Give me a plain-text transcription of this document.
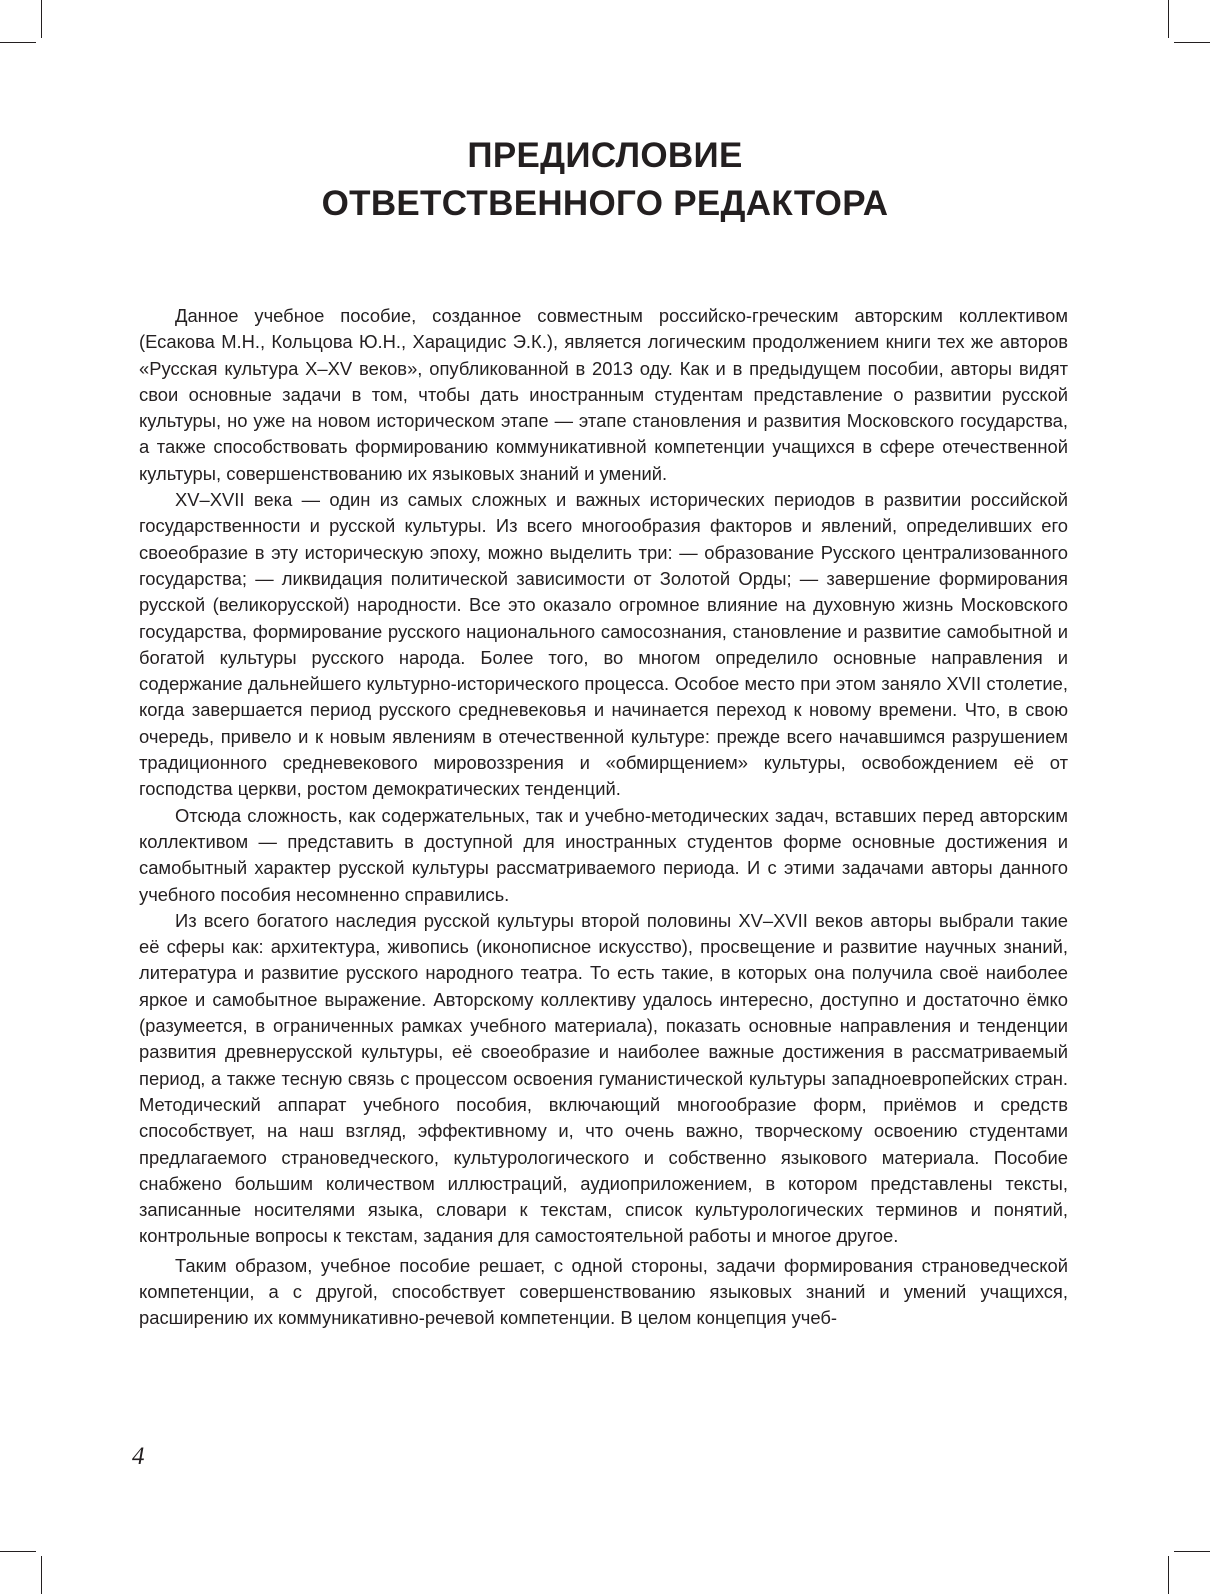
ПРЕДИСЛОВИЕ
ОТВЕТСТВЕННОГО РЕДАКТОРА

Данное учебное пособие, созданное совместным российско-греческим авторским коллективом (Есакова М.Н., Кольцова Ю.Н., Харацидис Э.К.), является логическим продолжением книги тех же авторов «Русская культура X–XV веков», опубликованной в 2013 оду. Как и в предыдущем пособии, авторы видят свои основные задачи в том, чтобы дать иностранным студентам представление о развитии русской культуры, но уже на новом историческом этапе — этапе становления и развития Московского государства, а также способствовать формированию коммуникативной компетенции учащихся в сфере отечественной культуры, совершенствованию их языковых знаний и умений.

XV–XVII века — один из самых сложных и важных исторических периодов в развитии российской государственности и русской культуры. Из всего многообразия факторов и явлений, определивших его своеобразие в эту историческую эпоху, можно выделить три: — образование Русского централизованного государства; — ликвидация политической зависимости от Золотой Орды; — завершение формирования русской (великорусской) народности. Все это оказало огромное влияние на духовную жизнь Московского государства, формирование русского национального самосознания, становление и развитие самобытной и богатой культуры русского народа. Более того, во многом определило основные направления и содержание дальнейшего культурно-исторического процесса. Особое место при этом заняло XVII столетие, когда завершается период русского средневековья и начинается переход к новому времени. Что, в свою очередь, привело и к новым явлениям в отечественной культуре: прежде всего начавшимся разрушением традиционного средневекового мировоззрения и «обмирщением» культуры, освобождением её от господства церкви, ростом демократических тенденций.

Отсюда сложность, как содержательных, так и учебно-методических задач, вставших перед авторским коллективом — представить в доступной для иностранных студентов форме основные достижения и самобытный характер русской культуры рассматриваемого периода. И с этими задачами авторы данного учебного пособия несомненно справились.

Из всего богатого наследия русской культуры второй половины XV–XVII веков авторы выбрали такие её сферы как: архитектура, живопись (иконописное искусство), просвещение и развитие научных знаний, литература и развитие русского народного театра. То есть такие, в которых она получила своё наиболее яркое и самобытное выражение. Авторскому коллективу удалось интересно, доступно и достаточно ёмко (разумеется, в ограниченных рамках учебного материала), показать основные направления и тенденции развития древнерусской культуры, её своеобразие и наиболее важные достижения в рассматриваемый период, а также тесную связь с процессом освоения гуманистической культуры западноевропейских стран. Методический аппарат учебного пособия, включающий многообразие форм, приёмов и средств способствует, на наш взгляд, эффективному и, что очень важно, творческому освоению студентами предлагаемого страноведческого, культурологического и собственно языкового материала. Пособие снабжено большим количеством иллюстраций, аудиоприложением, в котором представлены тексты, записанные носителями языка, словари к текстам, список культурологических терминов и понятий, контрольные вопросы к текстам, задания для самостоятельной работы и многое другое.

Таким образом, учебное пособие решает, с одной стороны, задачи формирования страноведческой компетенции, а с другой, способствует совершенствованию языковых знаний и умений учащихся, расширению их коммуникативно-речевой компетенции. В целом концепция учеб-

4
